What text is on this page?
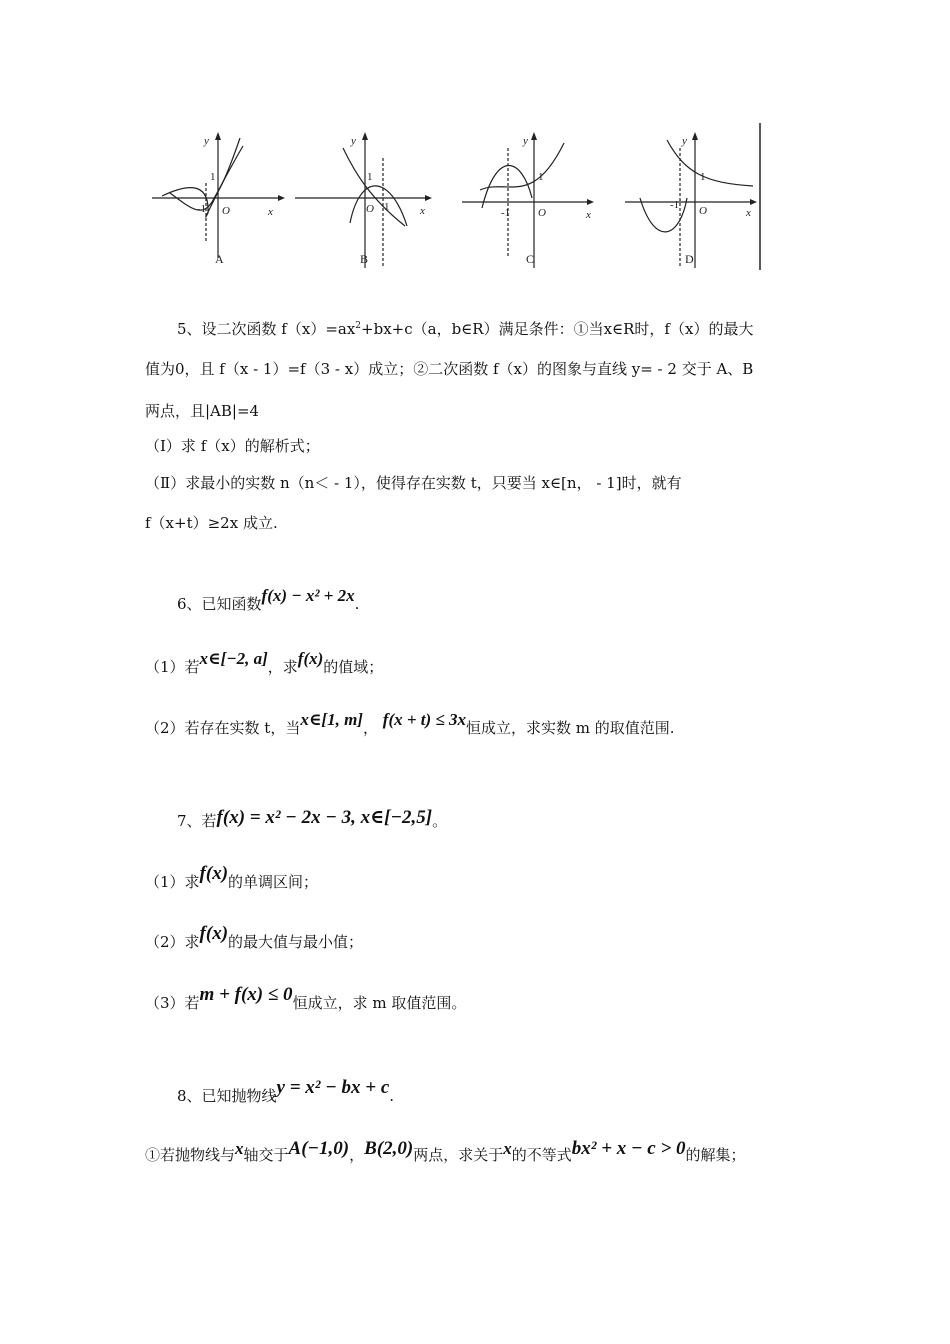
y
x
O
1
-1
y
x
O
1
1
y
x
O
1
-1
y
x
O
1
-1
A	B	C	D
5、设二次函数 $f(x)=ax^2+bx+c(a$，b∈R）满足条件：①当x∈R时，f（x）的最大
值为0，且 f（x - 1）=f（3 - x）成立；②二次函数 f（x）的图象与直线 y= - 2 交于 A、B
两点，且|AB|=4
（Ⅰ）求 f（x）的解析式；
（Ⅱ）求最小的实数 n（n＜ - 1），使得存在实数 t，只要当 x∈[n， - 1]时，就有
f（x+t）≥2x 成立.
6、已知函数f(x) − x² + 2x.
（1）若x∈[−2, a]，求f(x)的值域；
（2）若存在实数 t，当x∈[1, m]， f(x + t) ≤ 3x恒成立，求实数 m 的取值范围.
7、若f(x) = x² − 2x − 3, x∈[−2,5]。
（1）求f(x)的单调区间；
（2）求f(x)的最大值与最小值；
（3）若m + f(x) ≤ 0恒成立，求 m 取值范围。
8、已知抛物线y = x² − bx + c.
①若抛物线与x轴交于A(−1,0)，B(2,0)两点，求关于x的不等式bx² + x − c > 0的解集；
